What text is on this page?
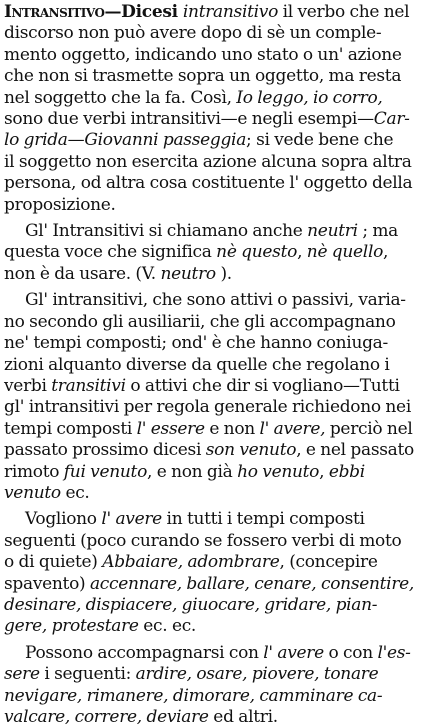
Intransitivo—Dicesi intransitivo il verbo che nel
discorso non può avere dopo di sè un comple-
mento oggetto, indicando uno stato o un' azione
che non si trasmette sopra un oggetto, ma resta
nel soggetto che la fa. Così, Io leggo, io corro,
sono due verbi intransitivi—e negli esempi—Car-
lo grida—Giovanni passeggia; si vede bene che
il soggetto non esercita azione alcuna sopra altra
persona, od altra cosa costituente l' oggetto della
proposizione.
Gl' Intransitivi si chiamano anche neutri ; ma
questa voce che significa nè questo, nè quello,
non è da usare. (V. neutro ).
Gl' intransitivi, che sono attivi o passivi, varia-
no secondo gli ausiliarii, che gli accompagnano
ne' tempi composti; ond' è che hanno coniuga-
zioni alquanto diverse da quelle che regolano i
verbi transitivi o attivi che dir si vogliano—Tutti
gl' intransitivi per regola generale richiedono nei
tempi composti l' essere e non l' avere, perciò nel
passato prossimo dicesi son venuto, e nel passato
rimoto fui venuto, e non già ho venuto, ebbi
venuto ec.
Vogliono l' avere in tutti i tempi composti
seguenti (poco curando se fossero verbi di moto
o di quiete) Abbaiare, adombrare, (concepire
spavento) accennare, ballare, cenare, consentire,
desinare, dispiacere, giuocare, gridare, pian-
gere, protestare ec. ec.
Possono accompagnarsi con l' avere o con l'es-
sere i seguenti: ardire, osare, piovere, tonare
nevigare, rimanere, dimorare, camminare ca-
valcare, correre, deviare ed altri.
